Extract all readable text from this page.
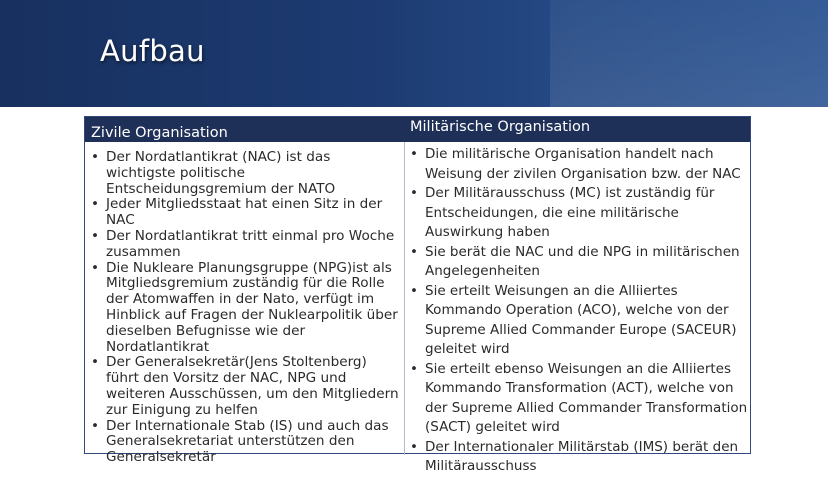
Aufbau
Zivile Organisation	Militärische Organisation
• Der Nordatlantikrat (NAC) ist das wichtigste politische Entscheidungsgremium der NATO
• Jeder Mitgliedsstaat hat einen Sitz in der NAC
• Der Nordatlantikrat tritt einmal pro Woche zusammen
• Die Nukleare Planungsgruppe (NPG)ist als Mitgliedsgremium zuständig für die Rolle der Atomwaffen in der Nato, verfügt im Hinblick auf Fragen der Nuklearpolitik über dieselben Befugnisse wie der Nordatlantikrat
• Der Generalsekretär(Jens Stoltenberg) führt den Vorsitz der NAC, NPG und weiteren Ausschüssen, um den Mitgliedern zur Einigung zu helfen
• Der Internationale Stab (IS) und auch das Generalsekretariat unterstützen den Generalsekretär
• Die militärische Organisation handelt nach Weisung der zivilen Organisation bzw. der NAC
• Der Militärausschuss (MC) ist zuständig für Entscheidungen, die eine militärische Auswirkung haben
• Sie berät die NAC und die NPG in militärischen Angelegenheiten
• Sie erteilt Weisungen an die Alliiertes Kommando Operation (ACO), welche von der Supreme Allied Commander Europe (SACEUR) geleitet wird
• Sie erteilt ebenso Weisungen an die Alliiertes Kommando Transformation (ACT), welche von der Supreme Allied Commander Transformation (SACT) geleitet wird
• Der Internationaler Militärstab (IMS) berät den Militärausschuss
